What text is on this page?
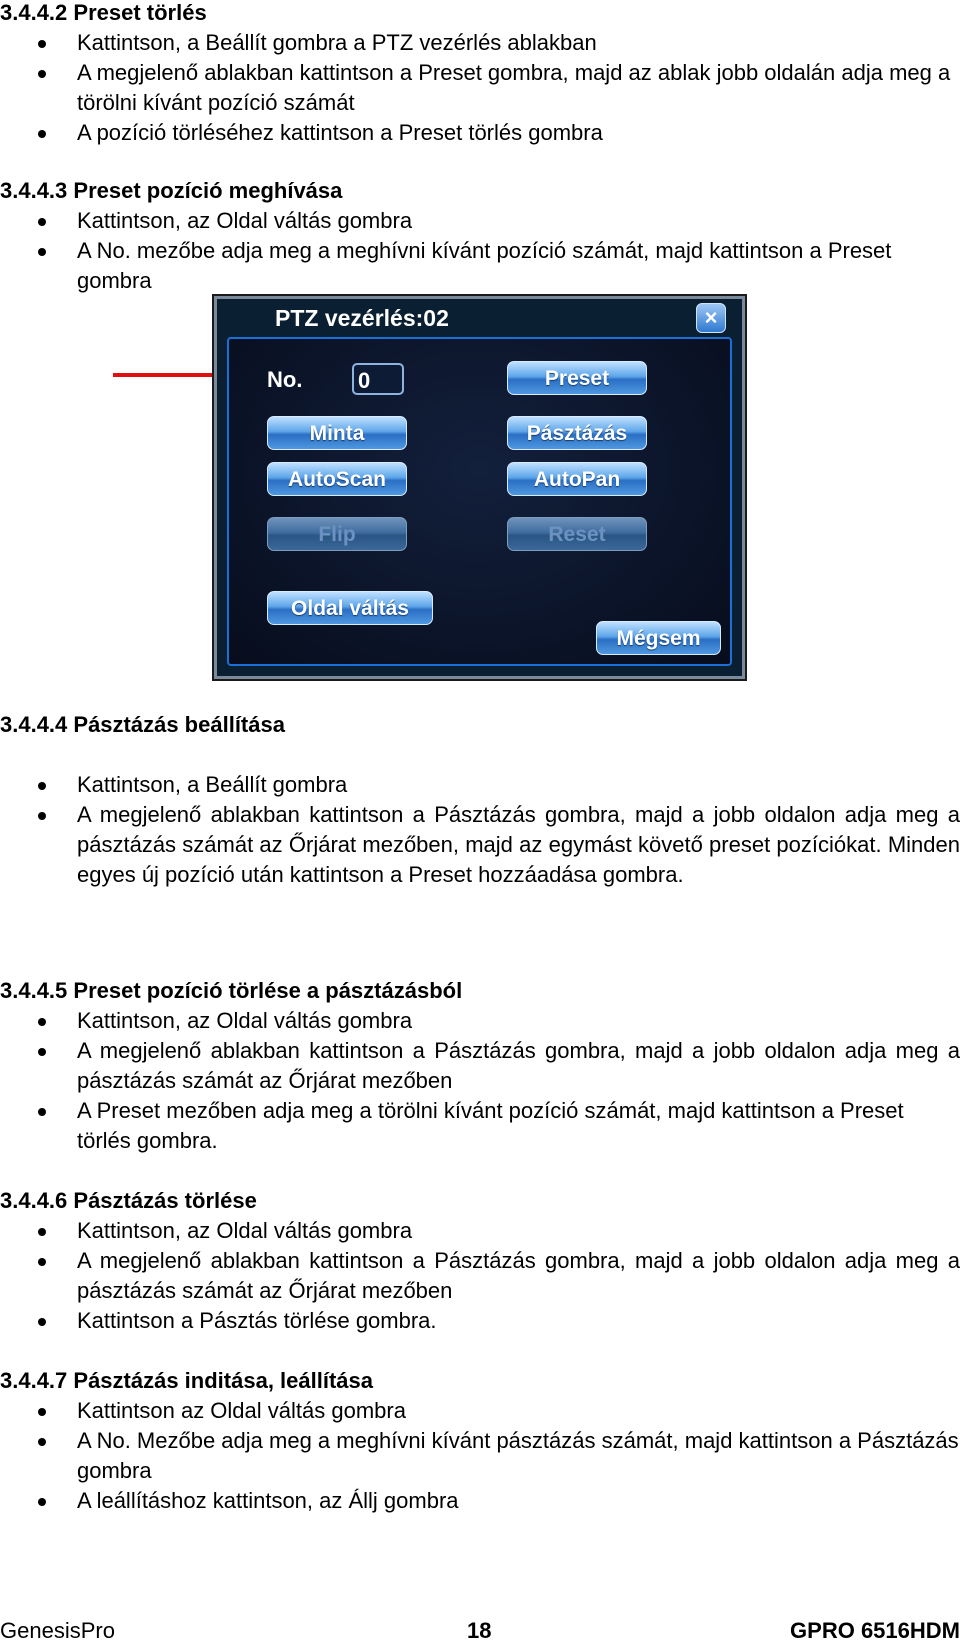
3.4.4.2 Preset törlés
Kattintson, a Beállít gombra a PTZ vezérlés ablakban
A megjelenő ablakban kattintson a Preset gombra, majd az ablak jobb oldalán adja meg a törölni kívánt pozíció számát
A pozíció törléséhez kattintson a Preset törlés gombra
3.4.4.3 Preset pozíció meghívása
Kattintson, az Oldal váltás gombra
A No. mezőbe adja meg a meghívni kívánt pozíció számát, majd kattintson a Preset gombra
PTZ vezérlés:02	×
No.	0	Preset
Minta	Pásztázás
AutoScan	AutoPan
Flip	Reset
Oldal váltás
Mégsem
3.4.4.4 Pásztázás beállítása
Kattintson, a Beállít gombra
A megjelenő ablakban kattintson a Pásztázás gombra, majd a jobb oldalon adja meg a pásztázás számát az Őrjárat mezőben, majd az egymást követő preset pozíciókat. Minden egyes új pozíció után kattintson a Preset hozzáadása gombra.
3.4.4.5 Preset pozíció törlése a pásztázásból
Kattintson, az Oldal váltás gombra
A megjelenő ablakban kattintson a Pásztázás gombra, majd a jobb oldalon adja meg a pásztázás számát az Őrjárat mezőben
A Preset mezőben adja meg a törölni kívánt pozíció számát, majd kattintson a Preset törlés gombra.
3.4.4.6 Pásztázás törlése
Kattintson, az Oldal váltás gombra
A megjelenő ablakban kattintson a Pásztázás gombra, majd a jobb oldalon adja meg a pásztázás számát az Őrjárat mezőben
Kattintson a Pásztás törlése gombra.
3.4.4.7 Pásztázás inditása, leállítása
Kattintson az Oldal váltás gombra
A No. Mezőbe adja meg a meghívni kívánt pásztázás számát, majd kattintson a Pásztázás gombra
A leállításhoz kattintson, az Állj gombra
GenesisPro	18	GPRO 6516HDM
